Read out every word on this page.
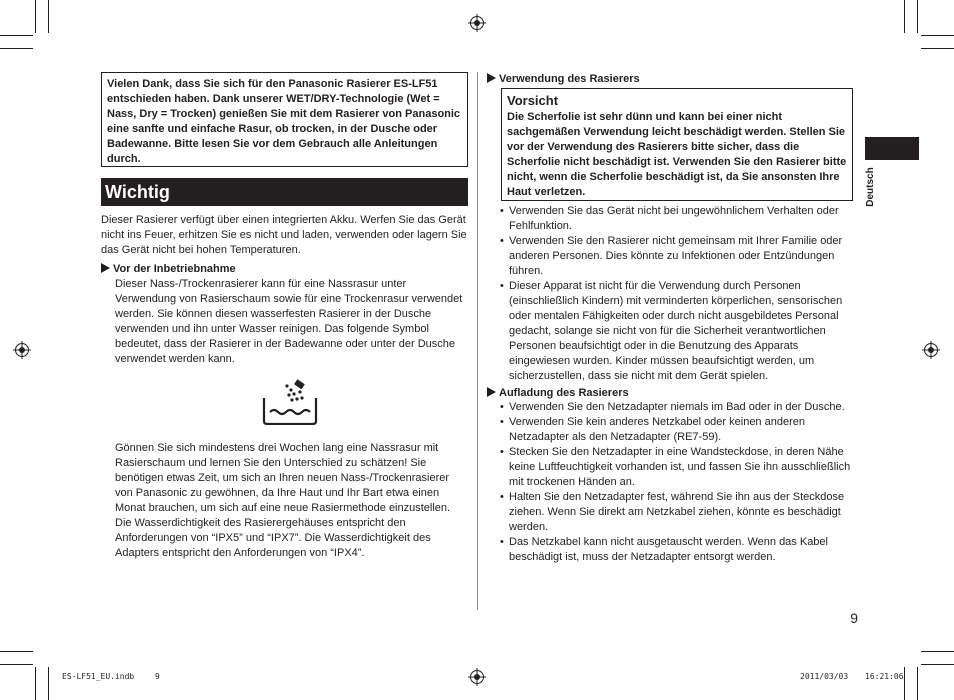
Vielen Dank, dass Sie sich für den Panasonic Rasierer ES-LF51 entschieden haben. Dank unserer WET/DRY-Technologie (Wet = Nass, Dry = Trocken) genießen Sie mit dem Rasierer von Panasonic eine sanfte und einfache Rasur, ob trocken, in der Dusche oder Badewanne. Bitte lesen Sie vor dem Gebrauch alle Anleitungen durch.
Wichtig
Dieser Rasierer verfügt über einen integrierten Akku. Werfen Sie das Gerät nicht ins Feuer, erhitzen Sie es nicht und laden, verwenden oder lagern Sie das Gerät nicht bei hohen Temperaturen.
Vor der Inbetriebnahme
Dieser Nass-/Trockenrasierer kann für eine Nassrasur unter Verwendung von Rasierschaum sowie für eine Trockenrasur verwendet werden. Sie können diesen wasserfesten Rasierer in der Dusche verwenden und ihn unter Wasser reinigen. Das folgende Symbol bedeutet, dass der Rasierer in der Badewanne oder unter der Dusche verwendet werden kann.
Gönnen Sie sich mindestens drei Wochen lang eine Nassrasur mit Rasierschaum und lernen Sie den Unterschied zu schätzen! Sie benötigen etwas Zeit, um sich an Ihren neuen Nass-/Trockenrasierer von Panasonic zu gewöhnen, da Ihre Haut und Ihr Bart etwa einen Monat brauchen, um sich auf eine neue Rasiermethode einzustellen. Die Wasserdichtigkeit des Rasierergehäuses entspricht den Anforderungen von “IPX5” und “IPX7”. Die Wasserdichtigkeit des Adapters entspricht den Anforderungen von “IPX4”.
Verwendung des Rasierers
Vorsicht
Die Scherfolie ist sehr dünn und kann bei einer nicht sachgemäßen Verwendung leicht beschädigt werden. Stellen Sie vor der Verwendung des Rasierers bitte sicher, dass die Scherfolie nicht beschädigt ist. Verwenden Sie den Rasierer bitte nicht, wenn die Scherfolie beschädigt ist, da Sie ansonsten Ihre Haut verletzen.
• Verwenden Sie das Gerät nicht bei ungewöhnlichem Verhalten oder Fehlfunktion.
• Verwenden Sie den Rasierer nicht gemeinsam mit Ihrer Familie oder anderen Personen. Dies könnte zu Infektionen oder Entzündungen führen.
• Dieser Apparat ist nicht für die Verwendung durch Personen (einschließlich Kindern) mit verminderten körperlichen, sensorischen oder mentalen Fähigkeiten oder durch nicht ausgebildetes Personal gedacht, solange sie nicht von für die Sicherheit verantwortlichen Personen beaufsichtigt oder in die Benutzung des Apparats eingewiesen wurden. Kinder müssen beaufsichtigt werden, um sicherzustellen, dass sie nicht mit dem Gerät spielen.
Aufladung des Rasierers
• Verwenden Sie den Netzadapter niemals im Bad oder in der Dusche.
• Verwenden Sie kein anderes Netzkabel oder keinen anderen Netzadapter als den Netzadapter (RE7-59).
• Stecken Sie den Netzadapter in eine Wandsteckdose, in deren Nähe keine Luftfeuchtigkeit vorhanden ist, und fassen Sie ihn ausschließlich mit trockenen Händen an.
• Halten Sie den Netzadapter fest, während Sie ihn aus der Steckdose ziehen. Wenn Sie direkt am Netzkabel ziehen, könnte es beschädigt werden.
• Das Netzkabel kann nicht ausgetauscht werden. Wenn das Kabel beschädigt ist, muss der Netzadapter entsorgt werden.
Deutsch
9
ES-LF51_EU.indb	9	2011/03/03 16:21:06
